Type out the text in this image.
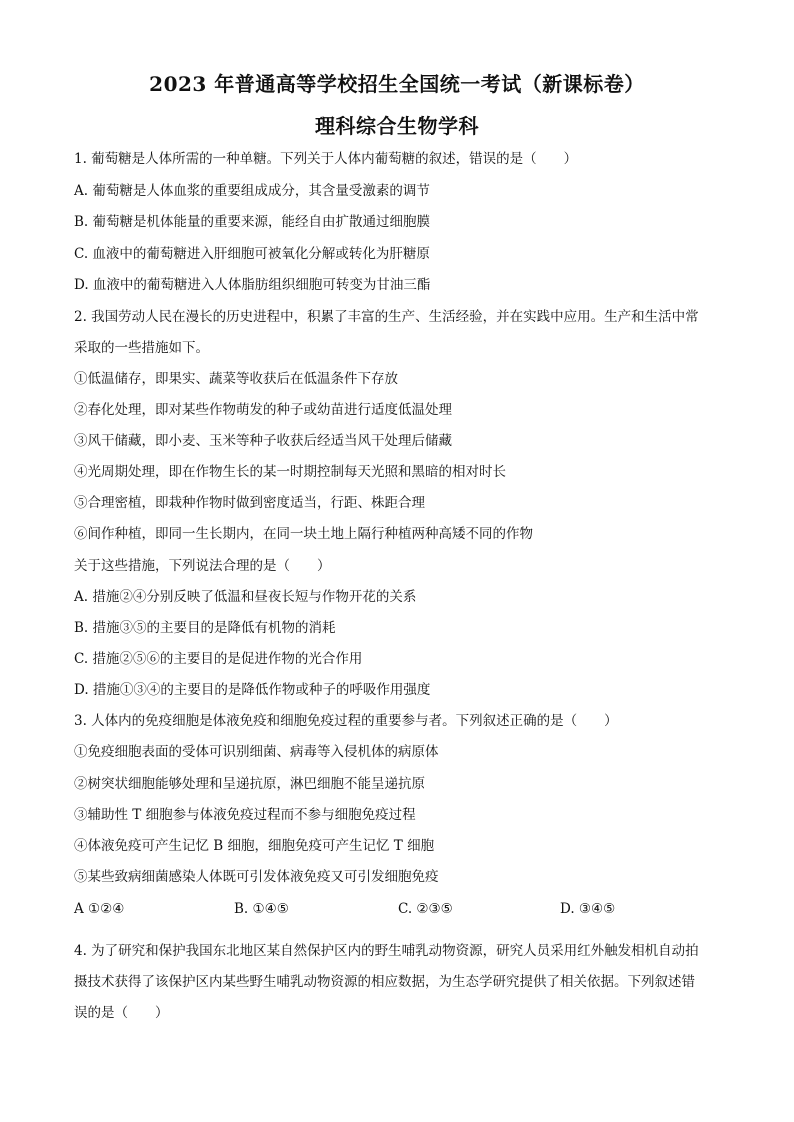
2023 年普通高等学校招生全国统一考试（新课标卷）
理科综合生物学科
1. 葡萄糖是人体所需的一种单糖。下列关于人体内葡萄糖的叙述，错误的是（　　）
A. 葡萄糖是人体血浆的重要组成成分，其含量受激素的调节
B. 葡萄糖是机体能量的重要来源，能经自由扩散通过细胞膜
C. 血液中的葡萄糖进入肝细胞可被氧化分解或转化为肝糖原
D. 血液中的葡萄糖进入人体脂肪组织细胞可转变为甘油三酯
2. 我国劳动人民在漫长的历史进程中，积累了丰富的生产、生活经验，并在实践中应用。生产和生活中常
采取的一些措施如下。
①低温储存，即果实、蔬菜等收获后在低温条件下存放
②春化处理，即对某些作物萌发的种子或幼苗进行适度低温处理
③风干储藏，即小麦、玉米等种子收获后经适当风干处理后储藏
④光周期处理，即在作物生长的某一时期控制每天光照和黑暗的相对时长
⑤合理密植，即栽种作物时做到密度适当，行距、株距合理
⑥间作种植，即同一生长期内，在同一块土地上隔行种植两种高矮不同的作物
关于这些措施，下列说法合理的是（　　）
A. 措施②④分别反映了低温和昼夜长短与作物开花的关系
B. 措施③⑤的主要目的是降低有机物的消耗
C. 措施②⑤⑥的主要目的是促进作物的光合作用
D. 措施①③④的主要目的是降低作物或种子的呼吸作用强度
3. 人体内的免疫细胞是体液免疫和细胞免疫过程的重要参与者。下列叙述正确的是（　　）
①免疫细胞表面的受体可识别细菌、病毒等入侵机体的病原体
②树突状细胞能够处理和呈递抗原，淋巴细胞不能呈递抗原
③辅助性 T 细胞参与体液免疫过程而不参与细胞免疫过程
④体液免疫可产生记忆 B 细胞，细胞免疫可产生记忆 T 细胞
⑤某些致病细菌感染人体既可引发体液免疫又可引发细胞免疫
A ①②④	B. ①④⑤	C. ②③⑤	D. ③④⑤
4. 为了研究和保护我国东北地区某自然保护区内的野生哺乳动物资源，研究人员采用红外触发相机自动拍
摄技术获得了该保护区内某些野生哺乳动物资源的相应数据，为生态学研究提供了相关依据。下列叙述错
误的是（　　）
